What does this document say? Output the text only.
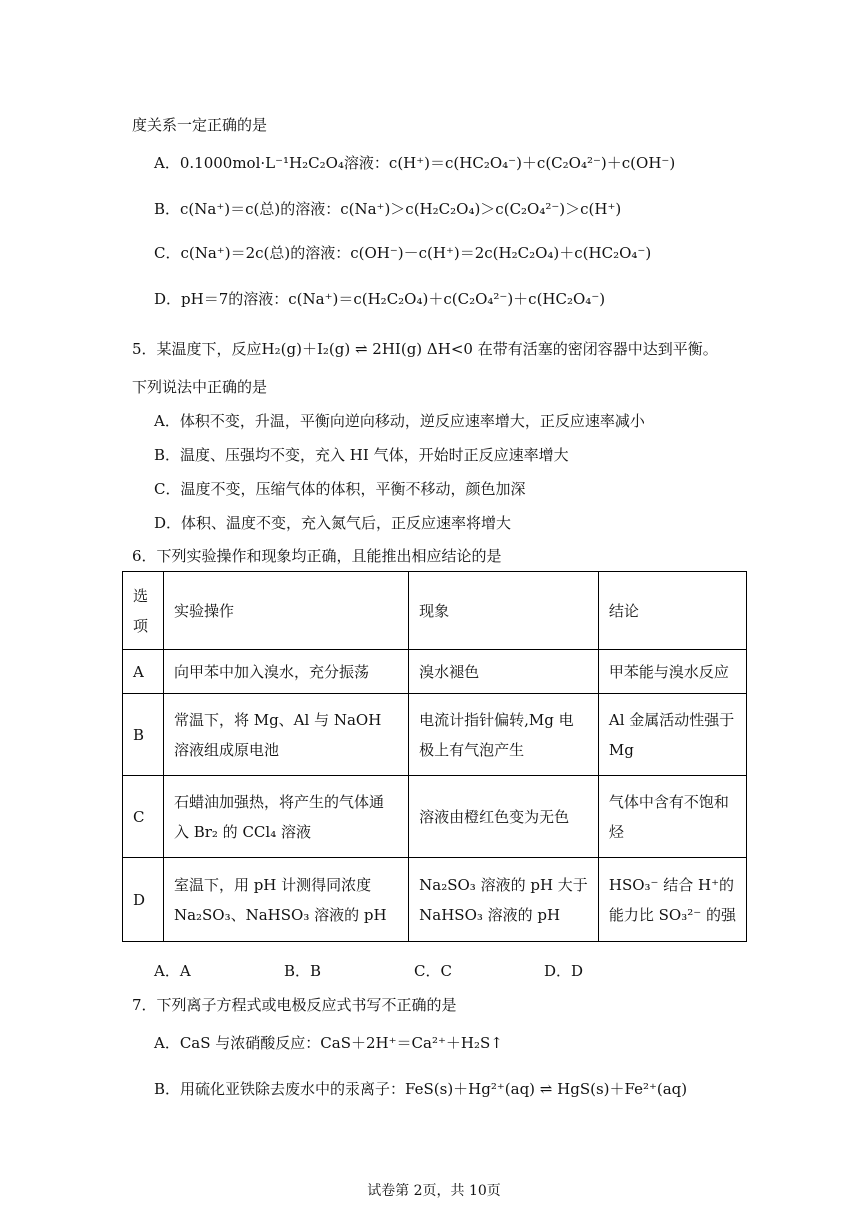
度关系一定正确的是
A．0.1000mol·L⁻¹H₂C₂O₄溶液：c(H⁺)＝c(HC₂O₄⁻)＋c(C₂O₄²⁻)＋c(OH⁻)
B．c(Na⁺)＝c(总)的溶液：c(Na⁺)＞c(H₂C₂O₄)＞c(C₂O₄²⁻)＞c(H⁺)
C．c(Na⁺)＝2c(总)的溶液：c(OH⁻)－c(H⁺)＝2c(H₂C₂O₄)＋c(HC₂O₄⁻)
D．pH＝7的溶液：c(Na⁺)＝c(H₂C₂O₄)＋c(C₂O₄²⁻)＋c(HC₂O₄⁻)
5．某温度下，反应H₂(g)＋I₂(g) ⇌ 2HI(g) ΔH<0 在带有活塞的密闭容器中达到平衡。
下列说法中正确的是
A．体积不变，升温，平衡向逆向移动，逆反应速率增大，正反应速率减小
B．温度、压强均不变，充入 HI 气体，开始时正反应速率增大
C．温度不变，压缩气体的体积，平衡不移动，颜色加深
D．体积、温度不变，充入氮气后，正反应速率将增大
6．下列实验操作和现象均正确，且能推出相应结论的是
选项	实验操作	现象	结论
A	向甲苯中加入溴水，充分振荡	溴水褪色	甲苯能与溴水反应
B	常温下，将 Mg、Al 与 NaOH 溶液组成原电池	电流计指针偏转,Mg 电极上有气泡产生	Al 金属活动性强于 Mg
C	石蜡油加强热，将产生的气体通入 Br₂ 的 CCl₄ 溶液	溶液由橙红色变为无色	气体中含有不饱和烃
D	室温下，用 pH 计测得同浓度 Na₂SO₃、NaHSO₃ 溶液的 pH	Na₂SO₃ 溶液的 pH 大于 NaHSO₃ 溶液的 pH	HSO₃⁻ 结合 H⁺的能力比 SO₃²⁻ 的强
A．A	B．B	C．C	D．D
7．下列离子方程式或电极反应式书写不正确的是
A．CaS 与浓硝酸反应：CaS＋2H⁺＝Ca²⁺＋H₂S↑
B．用硫化亚铁除去废水中的汞离子：FeS(s)＋Hg²⁺(aq) ⇌ HgS(s)＋Fe²⁺(aq)
试卷第 2页，共 10页
